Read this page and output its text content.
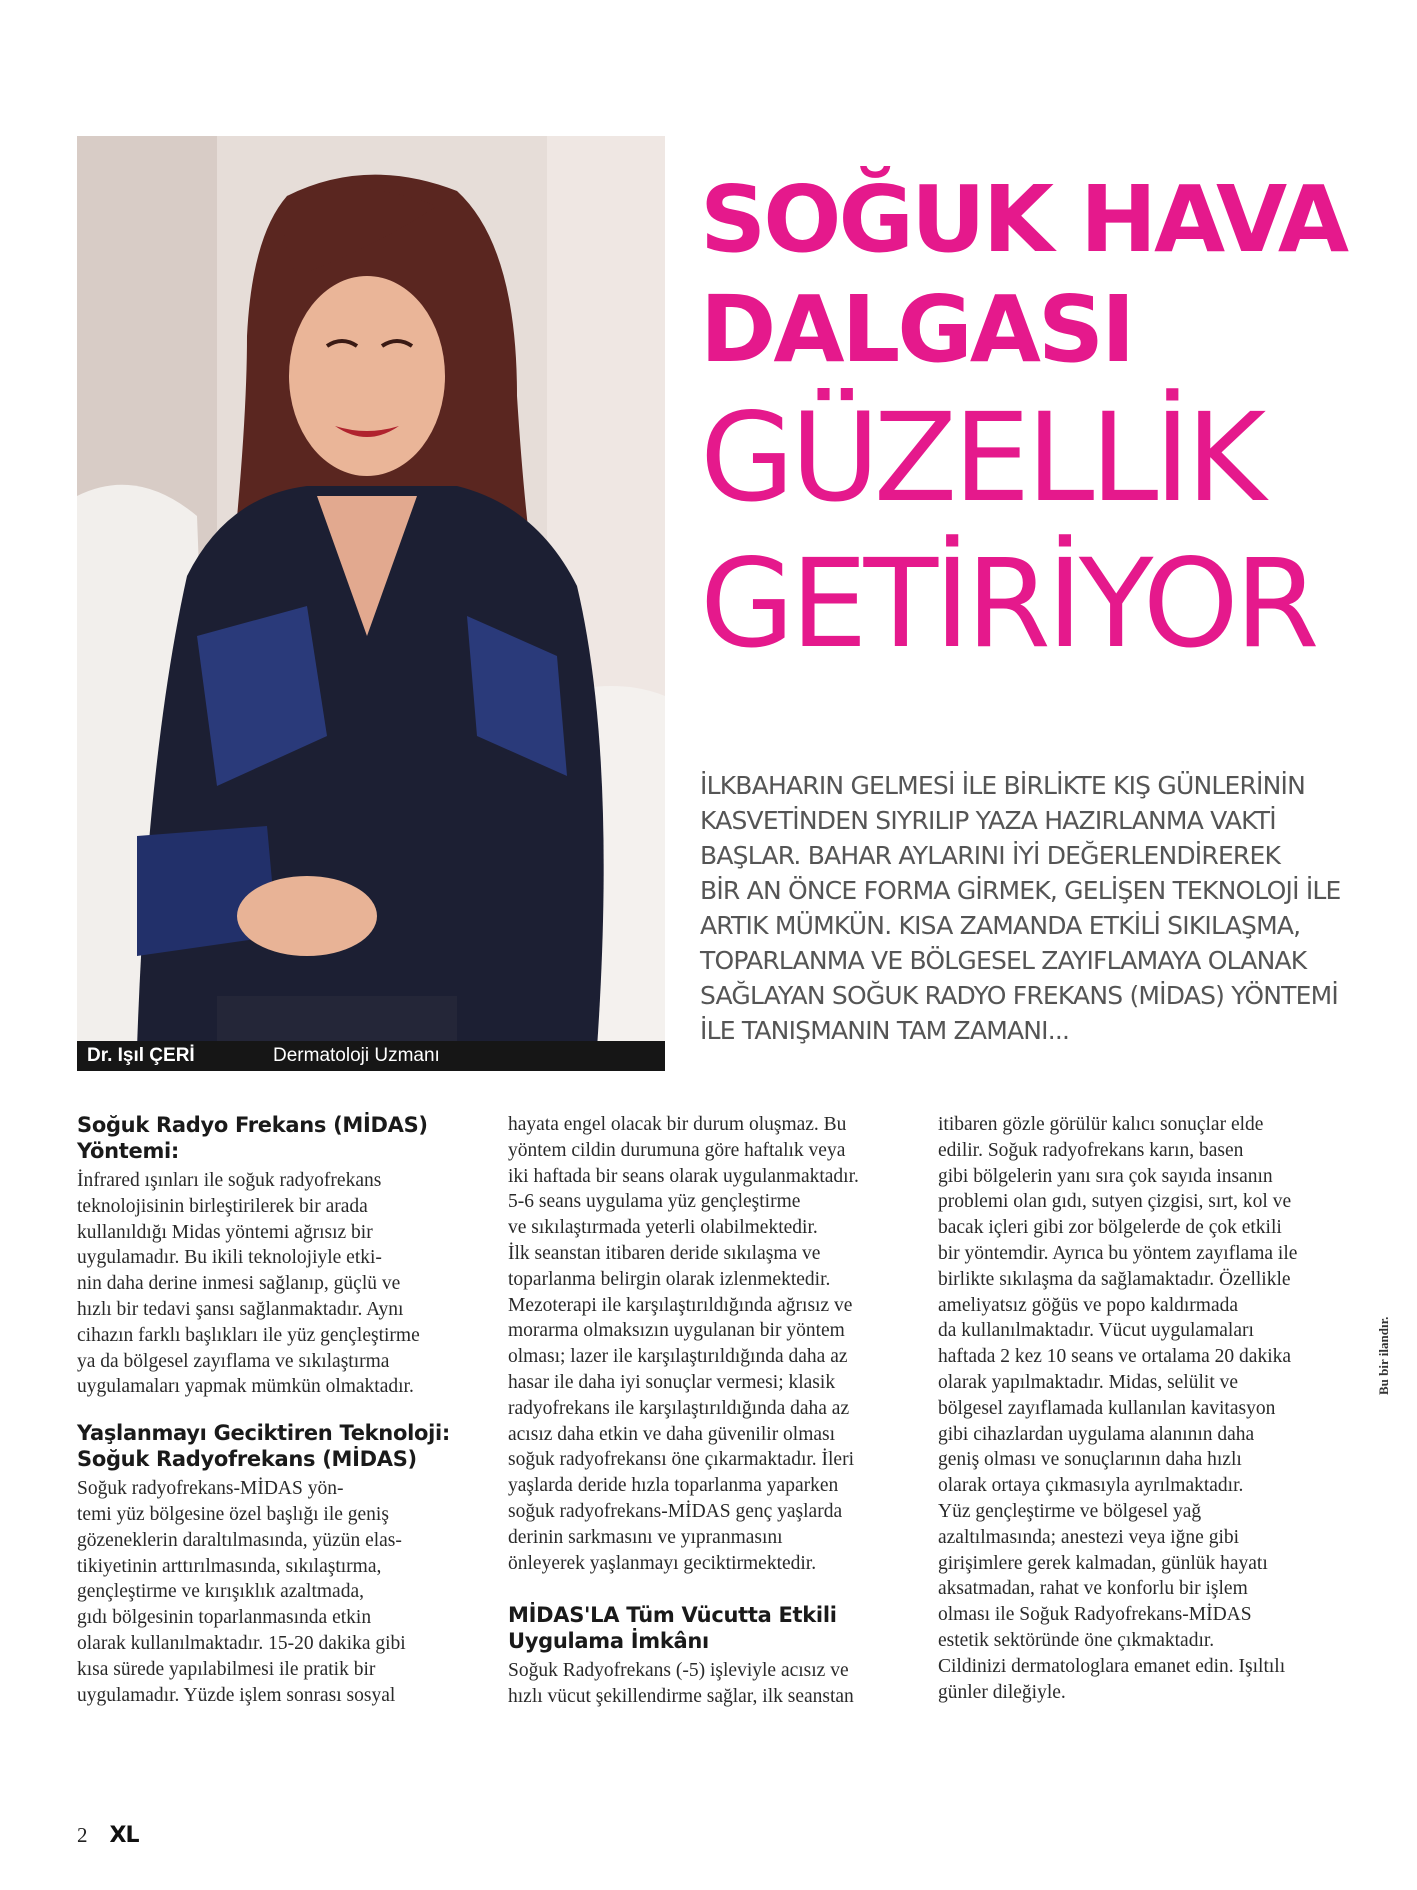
Dr. Işıl ÇERİ	Dermatoloji Uzmanı
SOĞUK HAVA
DALGASI
GÜZELLİK
GETİRİYOR
İLKBAHARIN GELMESİ İLE BİRLİKTE KIŞ GÜNLERİNİN
KASVETİNDEN SIYRILIP YAZA HAZIRLANMA VAKTİ
BAŞLAR. BAHAR AYLARINI İYİ DEĞERLENDİREREK
BİR AN ÖNCE FORMA GİRMEK, GELİŞEN TEKNOLOJİ İLE
ARTIK MÜMKÜN. KISA ZAMANDA ETKİLİ SIKILAŞMA,
TOPARLANMA VE BÖLGESEL ZAYIFLAMAYA OLANAK
SAĞLAYAN SOĞUK RADYO FREKANS (MİDAS) YÖNTEMİ
İLE TANIŞMANIN TAM ZAMANI...
Soğuk Radyo Frekans (MİDAS)
Yöntemi:
İnfrared ışınları ile soğuk radyofrekans
teknolojisinin birleştirilerek bir arada
kullanıldığı Midas yöntemi ağrısız bir
uygulamadır. Bu ikili teknolojiyle etki-
nin daha derine inmesi sağlanıp, güçlü ve
hızlı bir tedavi şansı sağlanmaktadır. Aynı
cihazın farklı başlıkları ile yüz gençleştirme
ya da bölgesel zayıflama ve sıkılaştırma
uygulamaları yapmak mümkün olmaktadır.
Yaşlanmayı Geciktiren Teknoloji:
Soğuk Radyofrekans (MİDAS)
Soğuk radyofrekans-MİDAS yön-
temi yüz bölgesine özel başlığı ile geniş
gözeneklerin daraltılmasında, yüzün elas-
tikiyetinin arttırılmasında, sıkılaştırma,
gençleştirme ve kırışıklık azaltmada,
gıdı bölgesinin toparlanmasında etkin
olarak kullanılmaktadır. 15-20 dakika gibi
kısa sürede yapılabilmesi ile pratik bir
uygulamadır. Yüzde işlem sonrası sosyal
hayata engel olacak bir durum oluşmaz. Bu
yöntem cildin durumuna göre haftalık veya
iki haftada bir seans olarak uygulanmaktadır.
5-6 seans uygulama yüz gençleştirme
ve sıkılaştırmada yeterli olabilmektedir.
İlk seanstan itibaren deride sıkılaşma ve
toparlanma belirgin olarak izlenmektedir.
Mezoterapi ile karşılaştırıldığında ağrısız ve
morarma olmaksızın uygulanan bir yöntem
olması; lazer ile karşılaştırıldığında daha az
hasar ile daha iyi sonuçlar vermesi; klasik
radyofrekans ile karşılaştırıldığında daha az
acısız daha etkin ve daha güvenilir olması
soğuk radyofrekansı öne çıkarmaktadır. İleri
yaşlarda deride hızla toparlanma yaparken
soğuk radyofrekans-MİDAS genç yaşlarda
derinin sarkmasını ve yıpranmasını
önleyerek yaşlanmayı geciktirmektedir.
MİDAS'LA Tüm Vücutta Etkili
Uygulama İmkânı
Soğuk Radyofrekans (-5) işleviyle acısız ve
hızlı vücut şekillendirme sağlar, ilk seanstan
itibaren gözle görülür kalıcı sonuçlar elde
edilir. Soğuk radyofrekans karın, basen
gibi bölgelerin yanı sıra çok sayıda insanın
problemi olan gıdı, sutyen çizgisi, sırt, kol ve
bacak içleri gibi zor bölgelerde de çok etkili
bir yöntemdir. Ayrıca bu yöntem zayıflama ile
birlikte sıkılaşma da sağlamaktadır. Özellikle
ameliyatsız göğüs ve popo kaldırmada
da kullanılmaktadır. Vücut uygulamaları
haftada 2 kez 10 seans ve ortalama 20 dakika
olarak yapılmaktadır. Midas, selülit ve
bölgesel zayıflamada kullanılan kavitasyon
gibi cihazlardan uygulama alanının daha
geniş olması ve sonuçlarının daha hızlı
olarak ortaya çıkmasıyla ayrılmaktadır.
Yüz gençleştirme ve bölgesel yağ
azaltılmasında; anestezi veya iğne gibi
girişimlere gerek kalmadan, günlük hayatı
aksatmadan, rahat ve konforlu bir işlem
olması ile Soğuk Radyofrekans-MİDAS
estetik sektöründe öne çıkmaktadır.
Cildinizi dermatologlara emanet edin. Işıltılı
günler dileğiyle.
Bu bir ilandır.
2 XL
